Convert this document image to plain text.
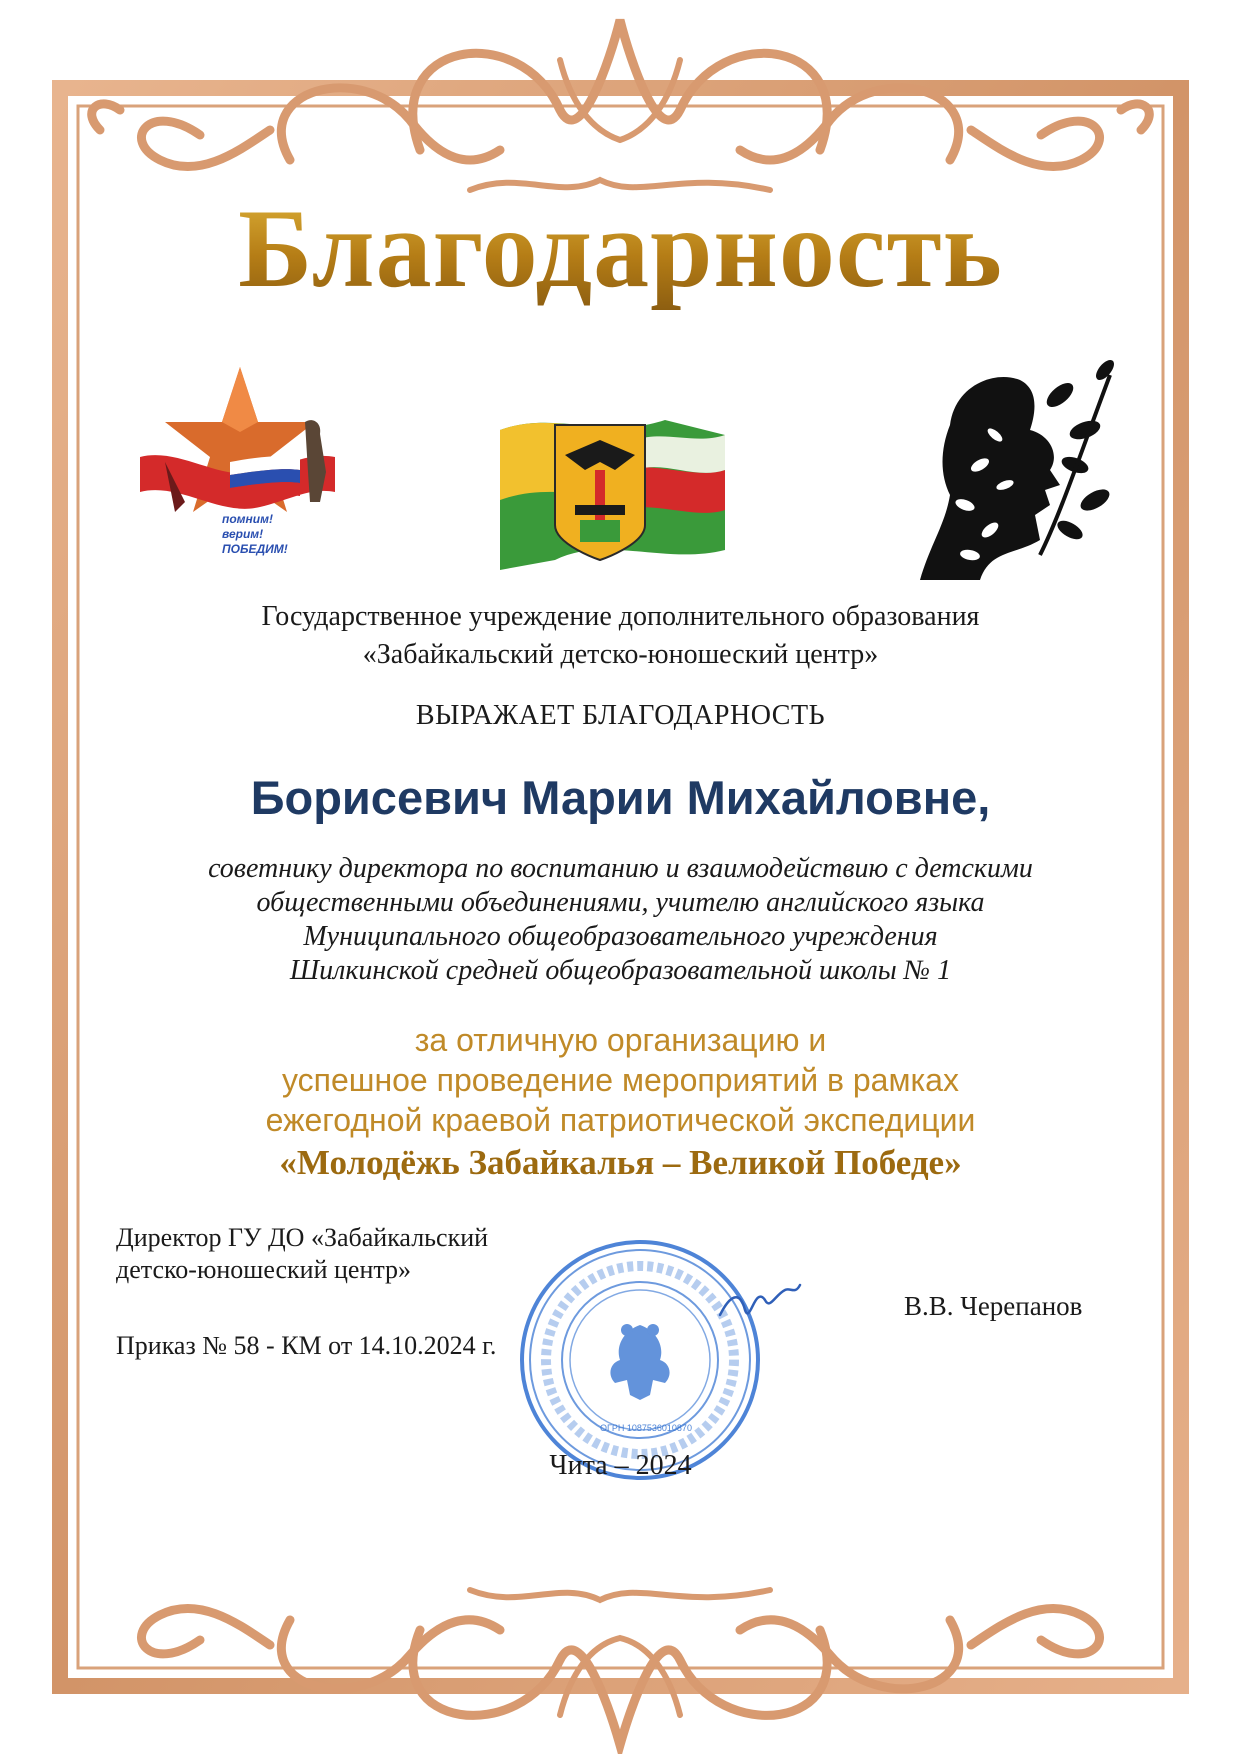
Благодарность
помним!
верим!
ПОБЕДИМ!
Государственное учреждение дополнительного образования
«Забайкальский детско-юношеский центр»
ВЫРАЖАЕТ БЛАГОДАРНОСТЬ
Борисевич Марии Михайловне,
советнику директора по воспитанию и взаимодействию с детскими
общественными объединениями, учителю английского языка
Муниципального общеобразовательного учреждения
Шилкинской средней общеобразовательной школы № 1
за отличную организацию и
успешное проведение мероприятий в рамках
ежегодной краевой патриотической экспедиции
«Молодёжь Забайкалья – Великой Победе»
Директор ГУ ДО «Забайкальский
детско-юношеский центр»
Приказ № 58 - КМ от 14.10.2024 г.
В.В. Черепанов
ОГРН 1087536010870
Чита – 2024
